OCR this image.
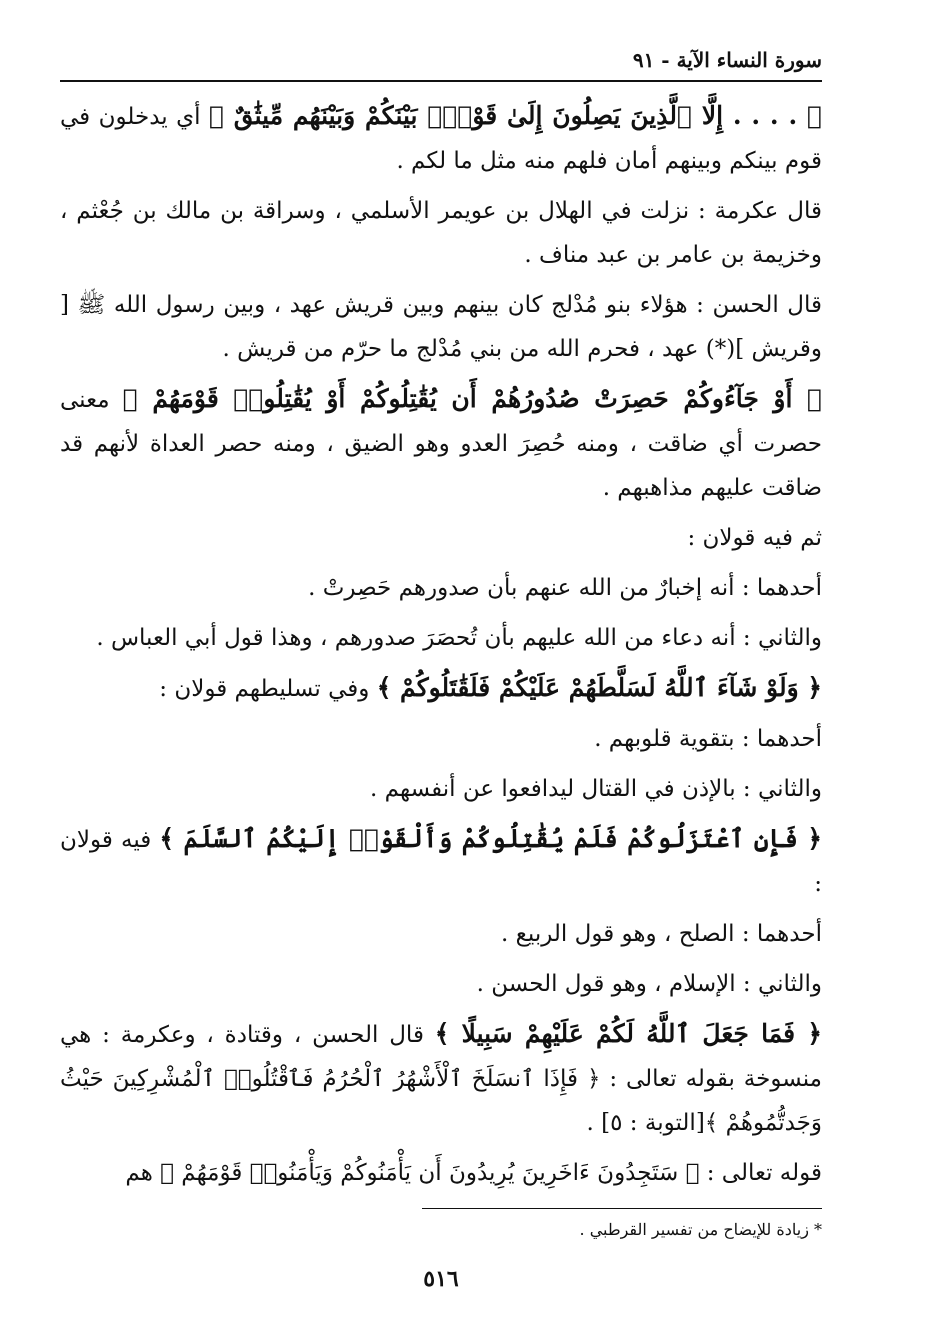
سورة النساء الآية - ٩١

﴿ . . . . إِلَّا ٱلَّذِينَ يَصِلُونَ إِلَىٰ قَوْمٍۭ بَيْنَكُمْ وَبَيْنَهُم مِّيثَٰقٌ ﴾ أي يدخلون في قوم بينكم وبينهم أمان فلهم منه مثل ما لكم .

قال عكرمة : نزلت في الهلال بن عويمر الأسلمي ، وسراقة بن مالك بن جُعْثم ، وخزيمة بن عامر بن عبد مناف .

قال الحسن : هؤلاء بنو مُدْلج كان بينهم وبين قريش عهد ، وبين رسول الله ﷺ [ وقريش ](*) عهد ، فحرم الله من بني مُدْلج ما حرّم من قريش .

﴿ أَوْ جَآءُوكُمْ حَصِرَتْ صُدُورُهُمْ أَن يُقَٰتِلُوكُمْ أَوْ يُقَٰتِلُوا۟ قَوْمَهُمْ ﴾ معنى حصرت أي ضاقت ، ومنه حُصِرَ العدو وهو الضيق ، ومنه حصر العداة لأنهم قد ضاقت عليهم مذاهبهم .

ثم فيه قولان :

أحدهما : أنه إخبارٌ من الله عنهم بأن صدورهم حَصِرتْ .

والثاني : أنه دعاء من الله عليهم بأن تُحصَرَ صدورهم ، وهذا قول أبي العباس .

﴿ وَلَوْ شَآءَ ٱللَّهُ لَسَلَّطَهُمْ عَلَيْكُمْ فَلَقَٰتَلُوكُمْ ﴾ وفي تسليطهم قولان :

أحدهما : بتقوية قلوبهم .

والثاني : بالإذن في القتال ليدافعوا عن أنفسهم .

﴿ فَإِنِ ٱعْتَزَلُوكُمْ فَلَمْ يُقَٰتِلُوكُمْ وَأَلْقَوْا۟ إِلَيْكُمُ ٱلسَّلَمَ ﴾ فيه قولان :

أحدهما : الصلح ، وهو قول الربيع .

والثاني : الإسلام ، وهو قول الحسن .

﴿ فَمَا جَعَلَ ٱللَّهُ لَكُمْ عَلَيْهِمْ سَبِيلًا ﴾ قال الحسن ، وقتادة ، وعكرمة : هي منسوخة بقوله تعالى : ﴿ فَإِذَا ٱنسَلَخَ ٱلْأَشْهُرُ ٱلْحُرُمُ فَٱقْتُلُوا۟ ٱلْمُشْرِكِينَ حَيْثُ وَجَدتُّمُوهُمْ ﴾[التوبة : ٥] .

قوله تعالى : ﴿ سَتَجِدُونَ ءَاخَرِينَ يُرِيدُونَ أَن يَأْمَنُوكُمْ وَيَأْمَنُوا۟ قَوْمَهُمْ ﴾ هم

* زيادة للإيضاح من تفسير القرطبي .
٥١٦
